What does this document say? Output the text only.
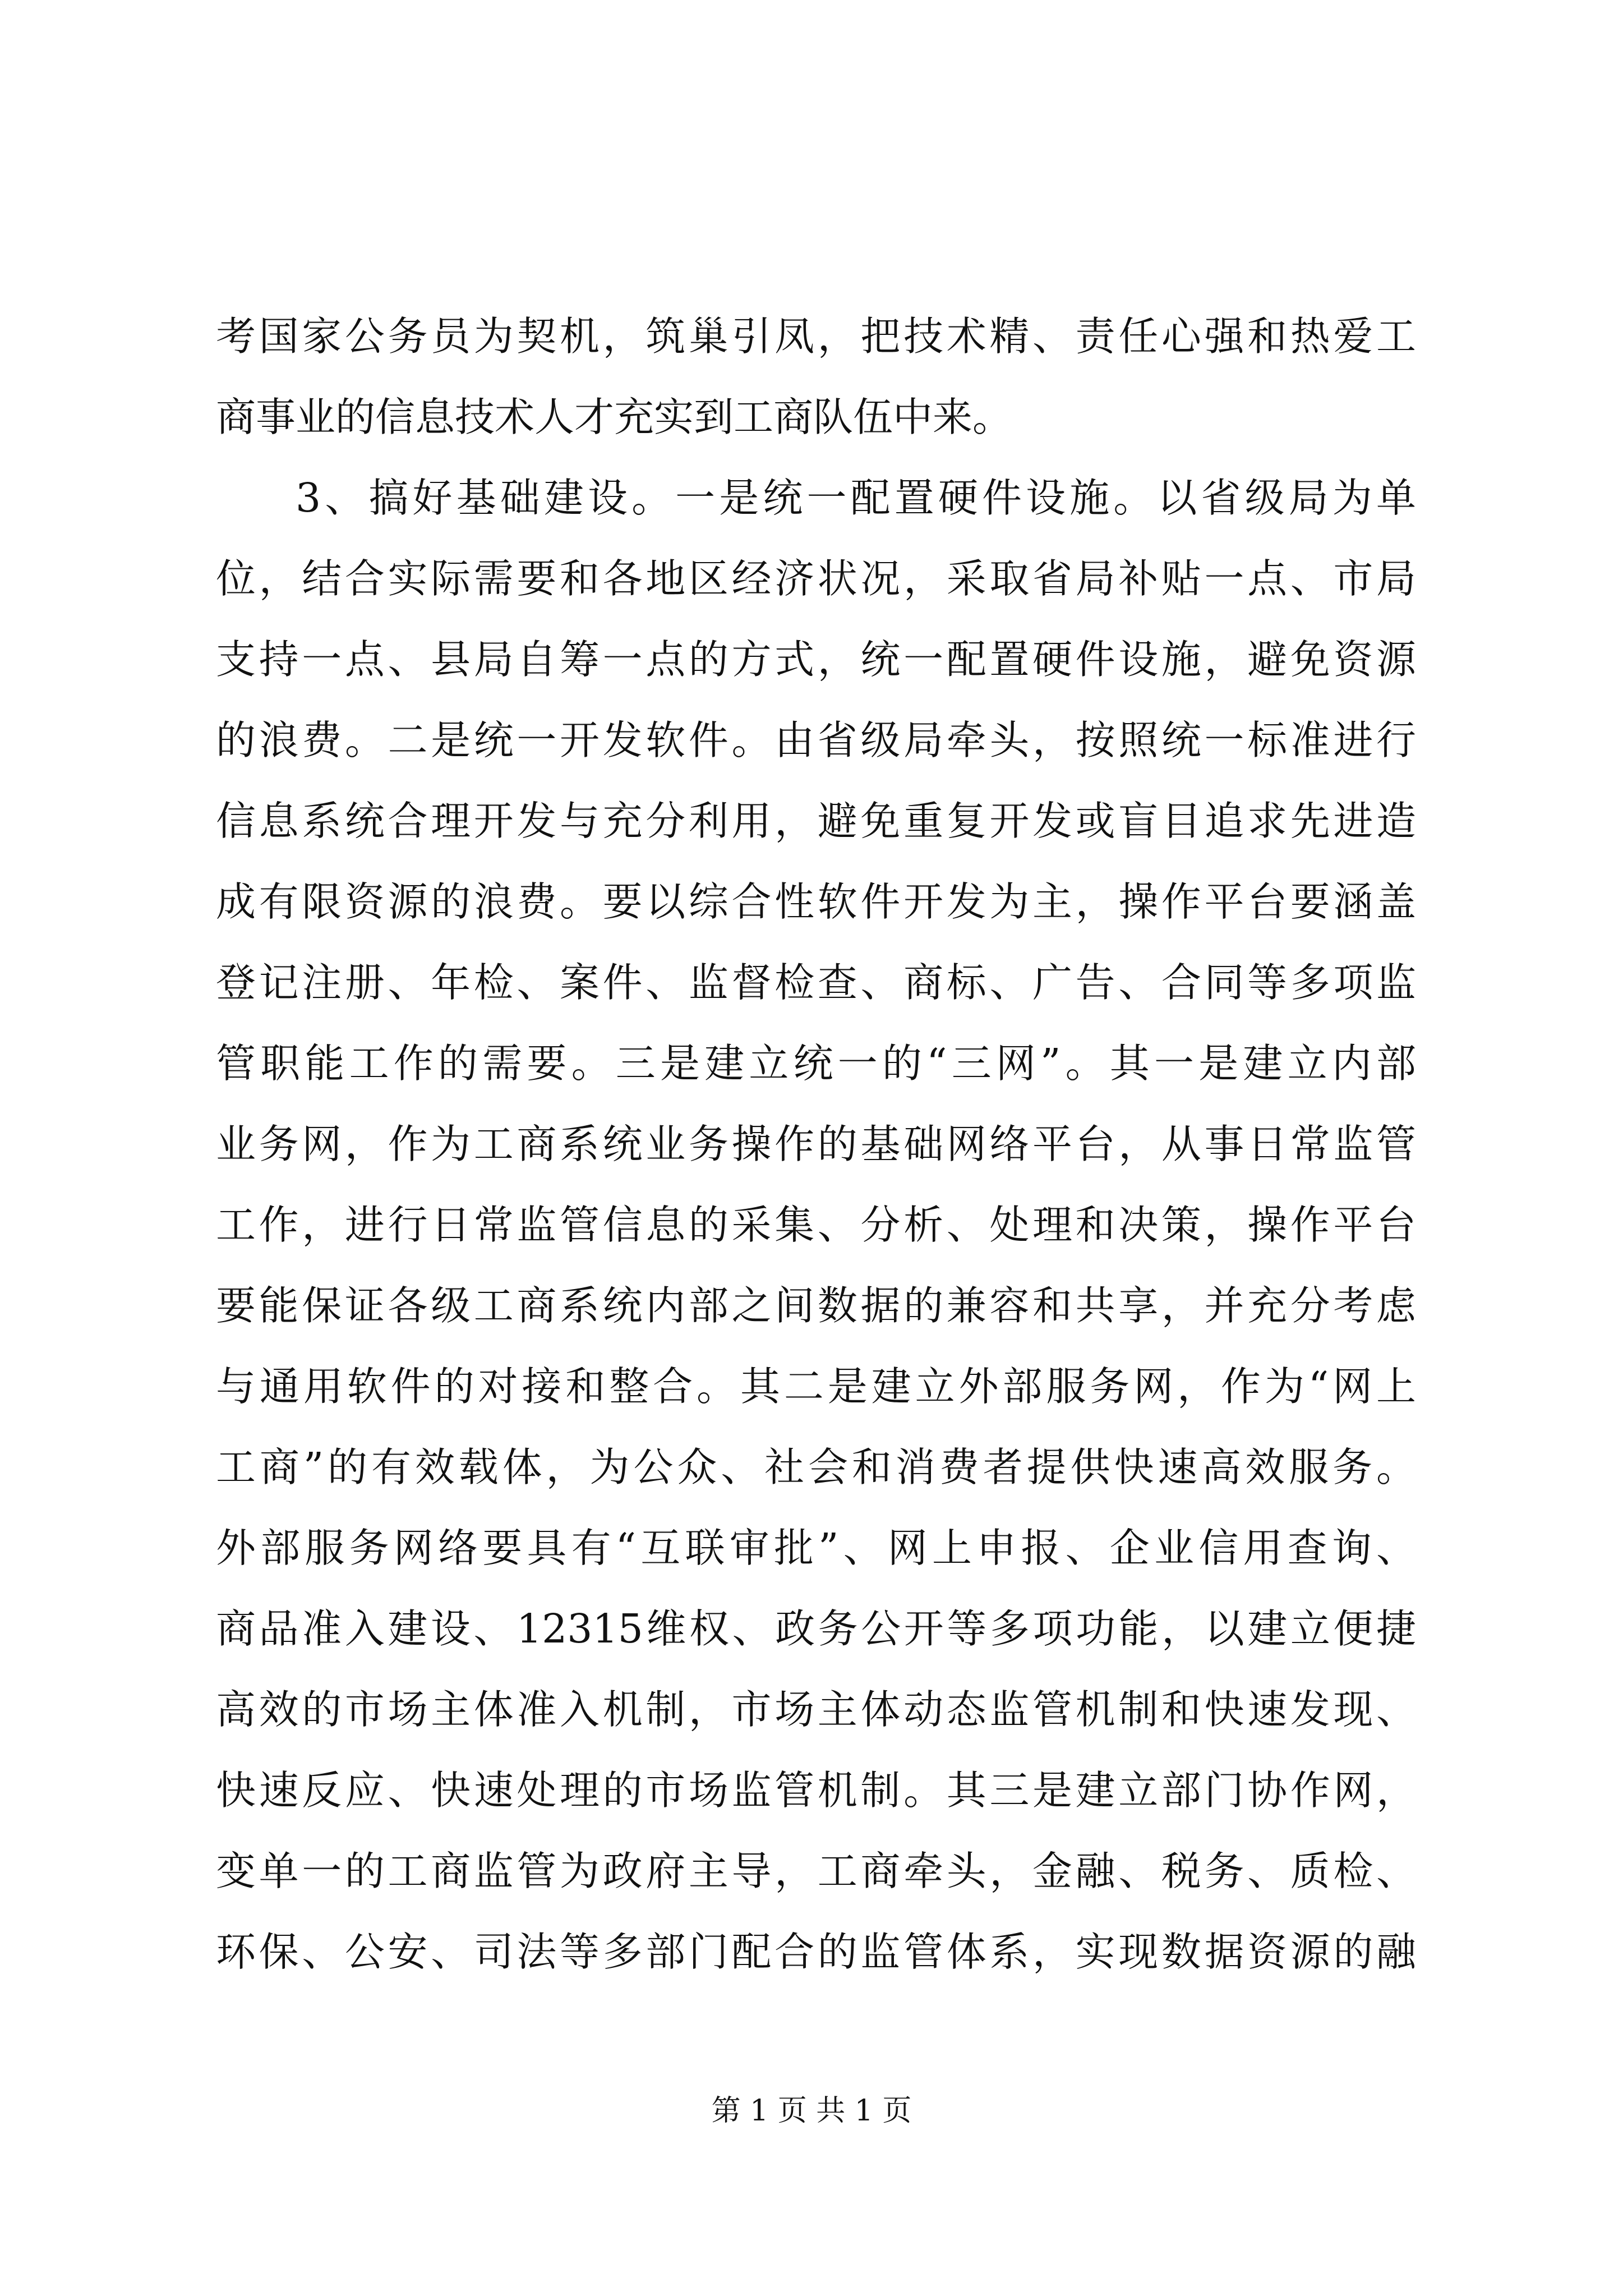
考国家公务员为契机，筑巢引凤，把技术精、责任心强和热爱工
商事业的信息技术人才充实到工商队伍中来。
3、搞好基础建设。一是统一配置硬件设施。以省级局为单
位，结合实际需要和各地区经济状况，采取省局补贴一点、市局
支持一点、县局自筹一点的方式，统一配置硬件设施，避免资源
的浪费。二是统一开发软件。由省级局牵头，按照统一标准进行
信息系统合理开发与充分利用，避免重复开发或盲目追求先进造
成有限资源的浪费。要以综合性软件开发为主，操作平台要涵盖
登记注册、年检、案件、监督检查、商标、广告、合同等多项监
管职能工作的需要。三是建立统一的“三网”。其一是建立内部
业务网，作为工商系统业务操作的基础网络平台，从事日常监管
工作，进行日常监管信息的采集、分析、处理和决策，操作平台
要能保证各级工商系统内部之间数据的兼容和共享，并充分考虑
与通用软件的对接和整合。其二是建立外部服务网，作为“网上
工商”的有效载体，为公众、社会和消费者提供快速高效服务。
外部服务网络要具有“互联审批”、网上申报、企业信用查询、
商品准入建设、12315维权、政务公开等多项功能，以建立便捷
高效的市场主体准入机制，市场主体动态监管机制和快速发现、
快速反应、快速处理的市场监管机制。其三是建立部门协作网，
变单一的工商监管为政府主导，工商牵头，金融、税务、质检、
环保、公安、司法等多部门配合的监管体系，实现数据资源的融
第 1 页 共 1 页
